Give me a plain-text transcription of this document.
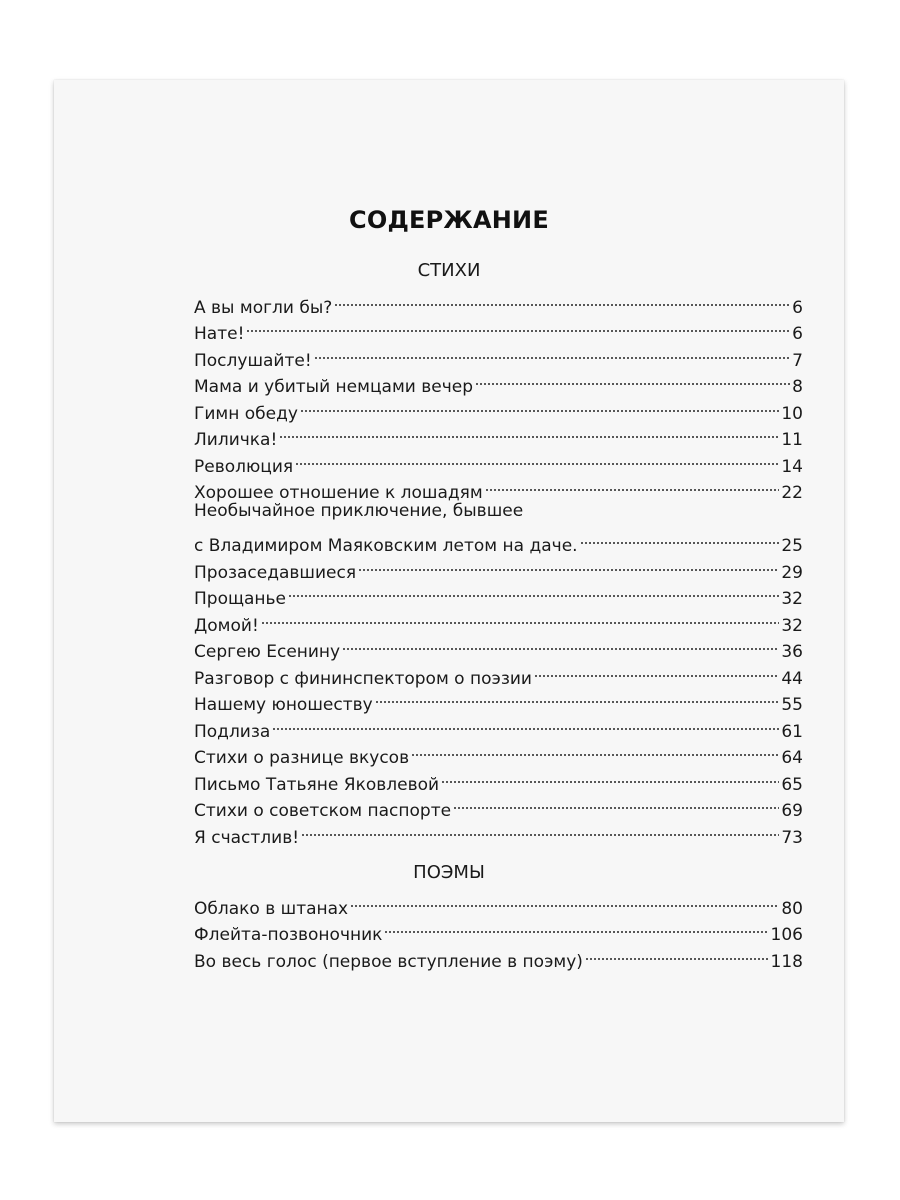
СОДЕРЖАНИЕ
СТИХИ
А вы могли бы?	6
Нате!	6
Послушайте!	7
Мама и убитый немцами вечер	8
Гимн обеду	10
Лиличка!	11
Революция	14
Хорошее отношение к лошадям	22
Необычайное приключение, бывшее
с Владимиром Маяковским летом на даче.	25
Прозаседавшиеся	29
Прощанье	32
Домой!	32
Сергею Есенину	36
Разговор с фининспектором о поэзии	44
Нашему юношеству	55
Подлиза	61
Стихи о разнице вкусов	64
Письмо Татьяне Яковлевой	65
Стихи о советском паспорте	69
Я счастлив!	73
ПОЭМЫ
Облако в штанах	80
Флейта-позвоночник	106
Во весь голос (первое вступление в поэму)	118
